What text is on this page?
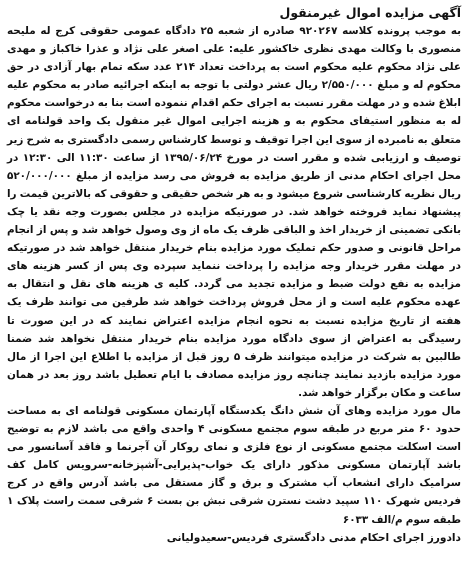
آگهی مزایده اموال غیرمنقول

به موجب پرونده کلاسه ۹۲۰۲۶۷ صادره از شعبه ۲۵ دادگاه عمومی حقوقی کرج له ملیحه منصوری با وکالت مهدی نظری خاکشور علیه: علی اصغر علی نژاد و عذرا خاکباز و مهدی علی نژاد محکوم علیه محکوم است به پرداخت تعداد ۲۱۴ عدد سکه تمام بهار آزادی در حق محکوم له و مبلغ ۲/۵۵۰/۰۰۰ ریال عشر دولتی با توجه به اینکه اجرائیه صادر به محکوم علیه ابلاغ شده و در مهلت مقرر نسبت به اجرای حکم اقدام ننموده است بنا به درخواست محکوم له به منظور استیفای محکوم به و هزینه اجرایی اموال غیر منقول یک واحد قولنامه ای متعلق به نامبرده از سوی این اجرا توقیف و توسط کارشناس رسمی دادگستری به شرح زیر توصیف و ارزیابی شده و مقرر است در مورخ ۱۳۹۵/۰۶/۲۴ از ساعت ۱۱:۳۰ الی ۱۲:۳۰ در محل اجرای احکام مدنی از طریق مزایده به فروش می رسد مزایده از مبلغ ۵۲۰/۰۰۰/۰۰۰ ریال نظریه کارشناسی شروع میشود و به هر شخص حقیقی و حقوقی که بالاترین قیمت را پیشنهاد نماید فروخته خواهد شد. در صورتیکه مزایده در مجلس بصورت وجه نقد یا چک بانکی تضمینی از خریدار اخذ و الباقی ظرف یک ماه از وی وصول خواهد شد و پس از انجام مراحل قانونی و صدور حکم تملیک مورد مزایده بنام خریدار منتقل خواهد شد در صورتیکه در مهلت مقرر خریدار وجه مزایده را پرداخت ننماید سپرده وی پس از کسر هزینه های مزایده به نفع دولت ضبط و مزایده تجدید می گردد. کلیه ی هزینه های نقل و انتقال به عهده محکوم علیه است و از محل فروش پرداخت خواهد شد طرفین می توانند ظرف یک هفته از تاریخ مزایده نسبت به نحوه انجام مزایده اعتراض نمایند که در این صورت تا رسیدگی به اعتراض از سوی دادگاه مورد مزایده بنام خریدار منتقل نخواهد شد ضمنا طالبین به شرکت در مزایده میتوانند ظرف ۵ روز قبل از مزایده با اطلاع این اجرا از مال مورد مزایده بازدید نمایند چنانچه روز مزایده مصادف با ایام تعطیل باشد روز بعد در همان ساعت و مکان برگزار خواهد شد.

مال مورد مزایده وهای آن شش دانگ یکدستگاه آپارتمان مسکونی قولنامه ای به مساحت حدود ۶۰ متر مربع در طبقه سوم مجتمع مسکونی ۴ واحدی واقع می باشد لازم به توضیح است اسکلت مجتمع مسکونی از نوع فلزی و نمای روکار آن آجرنما و فاقد آسانسور می باشد آپارتمان مسکونی مذکور دارای یک خواب-پذیرایی-آشپزخانه-سرویس کامل کف سرامیک دارای انشعاب آب مشترک و برق و گاز مستقل می باشد آدرس واقع در کرج فردیس شهرک ۱۱۰ سپید دشت نسترن شرقی نبش بن بست ۶ شرقی سمت راست پلاک ۱ طبقه سوم م/الف ۶۰۳۳

دادورز اجرای احکام مدنی دادگستری فردیس-سعیدولیانی
